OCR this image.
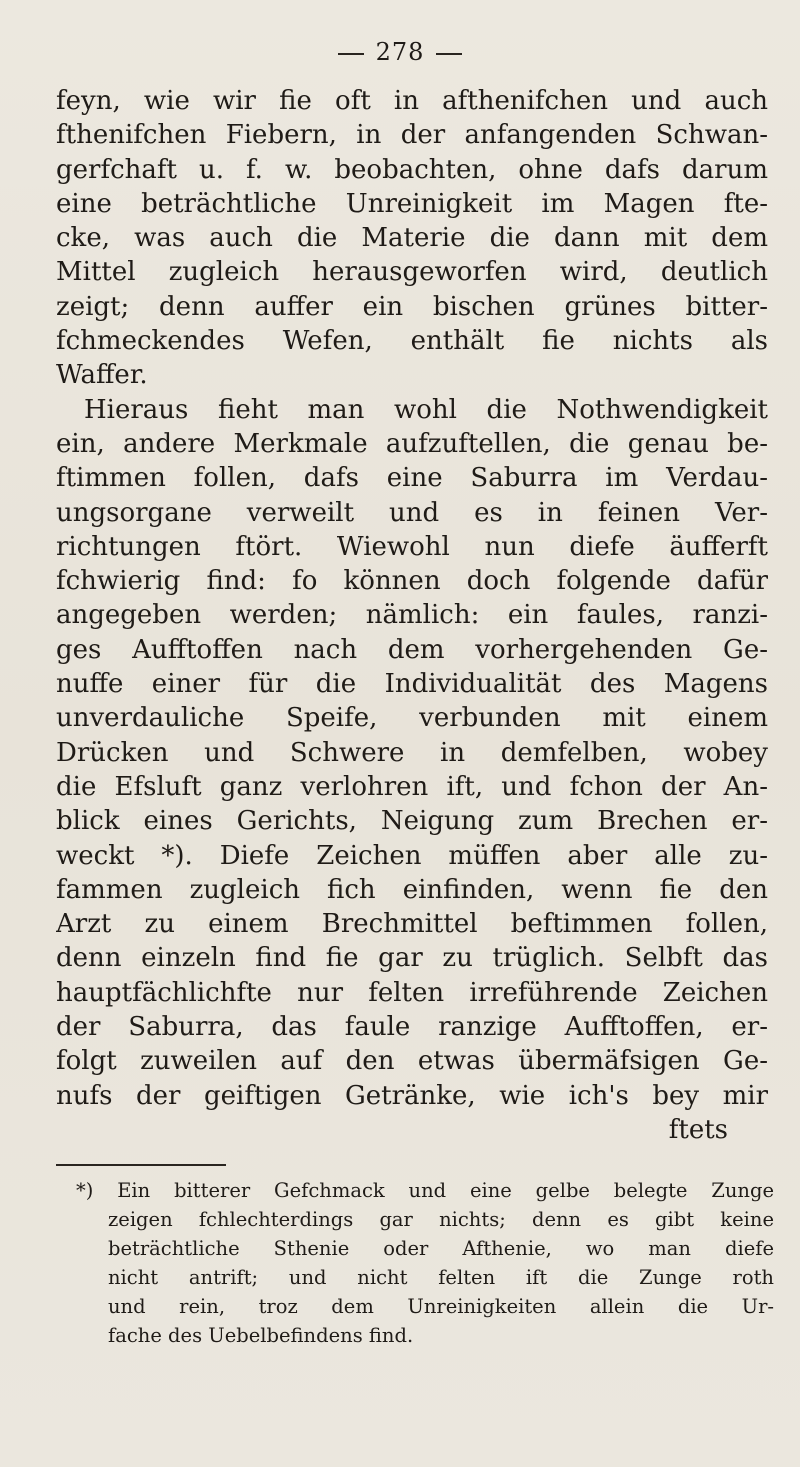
278
feyn, wie wir fie oft in afthenifchen und auch
fthenifchen Fiebern, in der anfangenden Schwan-
gerfchaft u. f. w. beobachten, ohne dafs darum
eine beträchtliche Unreinigkeit im Magen fte-
cke, was auch die Materie die dann mit dem
Mittel zugleich herausgeworfen wird, deutlich
zeigt; denn auffer ein bischen grünes bitter-
fchmeckendes Wefen, enthält fie nichts als
Waffer.
Hieraus fieht man wohl die Nothwendigkeit
ein, andere Merkmale aufzuftellen, die genau be-
ftimmen follen, dafs eine Saburra im Verdau-
ungsorgane verweilt und es in feinen Ver-
richtungen ftört. Wiewohl nun diefe äufferft
fchwierig find: fo können doch folgende dafür
angegeben werden; nämlich: ein faules, ranzi-
ges Aufftoffen nach dem vorhergehenden Ge-
nuffe einer für die Individualität des Magens
unverdauliche Speife, verbunden mit einem
Drücken und Schwere in demfelben, wobey
die Efsluft ganz verlohren ift, und fchon der An-
blick eines Gerichts, Neigung zum Brechen er-
weckt *). Diefe Zeichen müffen aber alle zu-
fammen zugleich fich einfinden, wenn fie den
Arzt zu einem Brechmittel beftimmen follen,
denn einzeln find fie gar zu trüglich. Selbft das
hauptfächlichfte nur felten irreführende Zeichen
der Saburra, das faule ranzige Aufftoffen, er-
folgt zuweilen auf den etwas übermäfsigen Ge-
nufs der geiftigen Getränke, wie ich's bey mir
ftets
*) Ein bitterer Gefchmack und eine gelbe belegte Zunge
zeigen fchlechterdings gar nichts; denn es gibt keine
beträchtliche Sthenie oder Afthenie, wo man diefe
nicht antrift; und nicht felten ift die Zunge roth
und rein, troz dem Unreinigkeiten allein die Ur-
fache des Uebelbefindens find.
